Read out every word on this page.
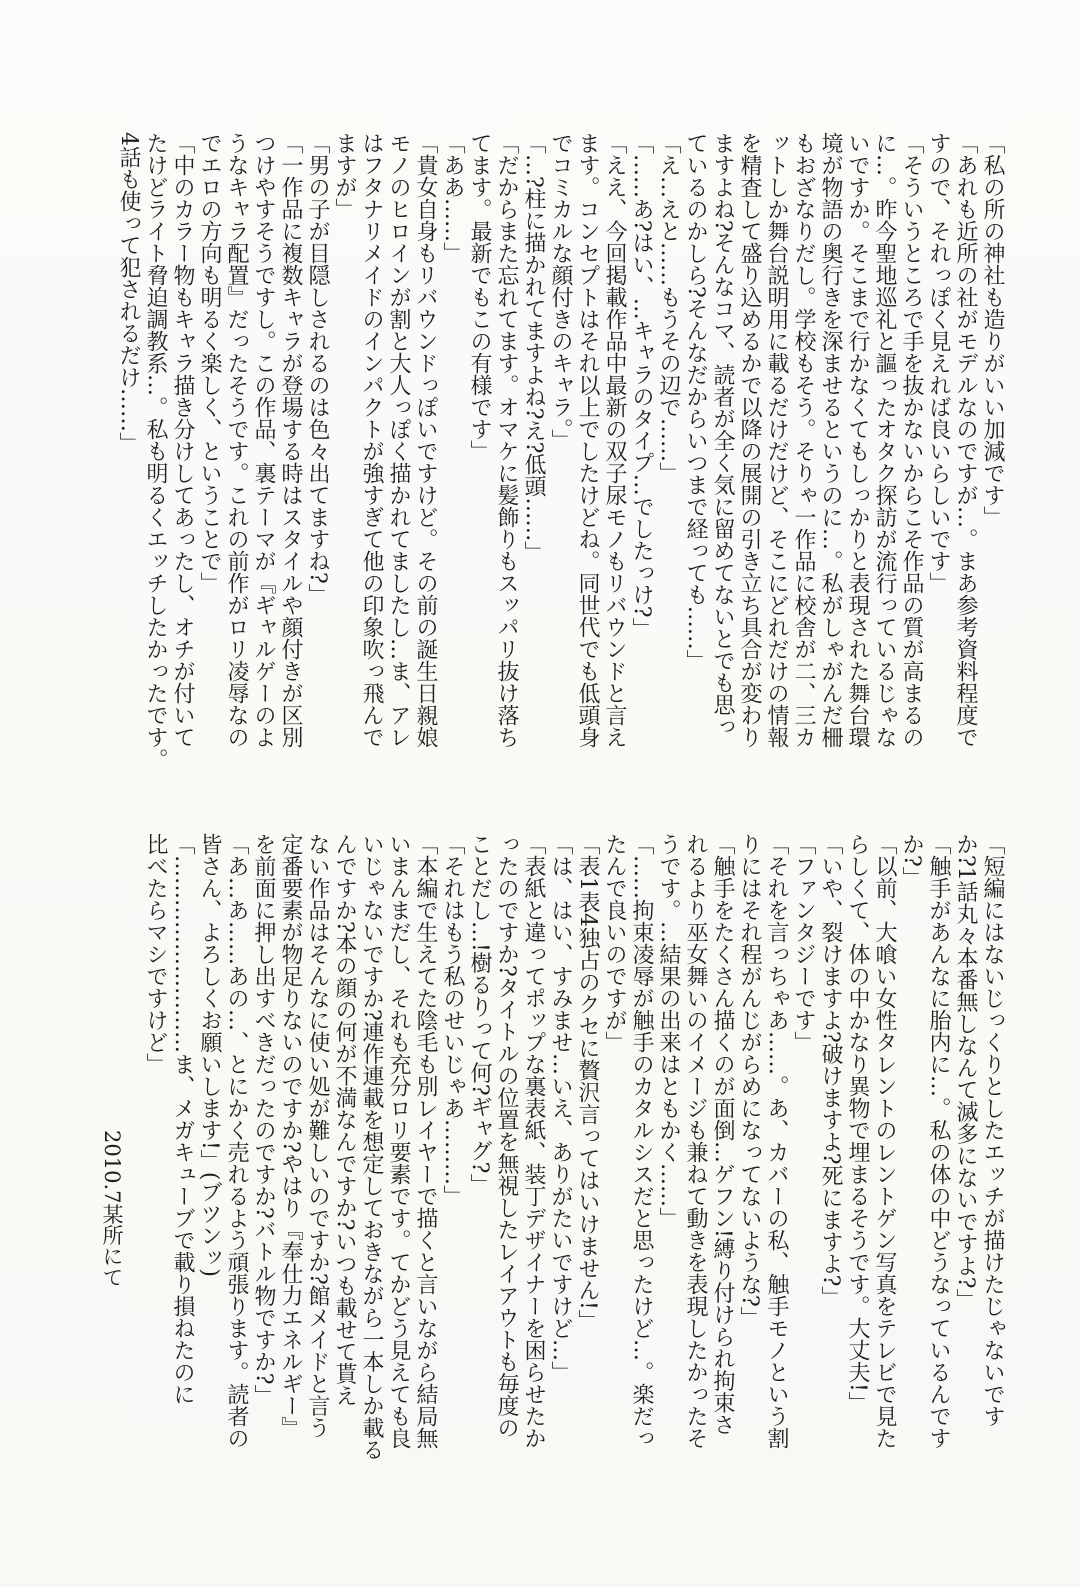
「私の所の神社も造りがいい加減です」
「あれも近所の社がモデルなのですが…。まあ参考資料程度で
すので、それっぽく見えれば良いらしいです」
「そういうところで手を抜かないからこそ作品の質が高まるの
に…。昨今聖地巡礼と謳ったオタク探訪が流行っているじゃな
いですか。そこまで行かなくてもしっかりと表現された舞台環
境が物語の奥行きを深ませるというのに…。私がしゃがんだ柵
もおざなりだし。学校もそう。そりゃ一作品に校舎が二、三カ
ットしか舞台説明用に載るだけだけど、そこにどれだけの情報
を精査して盛り込めるかで以降の展開の引き立ち具合が変わり
ますよね?そんなコマ、読者が全く気に留めてないとでも思っ
ているのかしら?そんなだからいつまで経っても……」
「え…えと……もうその辺で……」
「……あ?はい、…キャラのタイプ…でしたっけ?」
「ええ、今回掲載作品中最新の双子尿モノもリバウンドと言え
ます。コンセプトはそれ以上でしたけどね。同世代でも低頭身
でコミカルな顔付きのキャラ。」
「…?柱に描かれてますよね?え?低頭……」
「だからまた忘れてます。オマケに髪飾りもスッパリ抜け落ち
てます。最新でもこの有様です」
「ああ……」
「貴女自身もリバウンドっぽいですけど。その前の誕生日親娘
モノのヒロインが割と大人っぽく描かれてましたし…ま、アレ
はフタナリメイドのインパクトが強すぎて他の印象吹っ飛んで
ますが」
「男の子が目隠しされるのは色々出てますね?」
「一作品に複数キャラが登場する時はスタイルや顔付きが区別
つけやすそうですし。この作品、裏テーマが『ギャルゲーのよ
うなキャラ配置』だったそうです。これの前作がロリ凌辱なの
でエロの方向も明るく楽しく、ということで」
「中のカラー物もキャラ描き分けしてあったし、オチが付いて
たけどライト脅迫調教系…。私も明るくエッチしたかったです。
4話も使って犯されるだけ……」
「短編にはないじっくりとしたエッチが描けたじゃないです
か?1話丸々本番無しなんて滅多にないですよ?」
「触手があんなに胎内に…。私の体の中どうなっているんです
か?」
「以前、大喰い女性タレントのレントゲン写真をテレビで見た
らしくて、体の中かなり異物で埋まるそうです。大丈夫!」
「いや、裂けますよ?破けますよ?死にますよ?」
「ファンタジーです」
「それを言っちゃあ……。あ、カバーの私、触手モノという割
りにはそれ程がんじがらめになってないような?」
「触手をたくさん描くのが面倒…ゲフン!縛り付けられ拘束さ
れるより巫女舞いのイメージも兼ねて動きを表現したかったそ
うです。…結果の出来はともかく……」
「……拘束凌辱が触手のカタルシスだと思ったけど…。楽だっ
たんで良いのですが」
「表1表4独占のクセに贅沢言ってはいけません!」
「は、はい、すみませ…いえ、ありがたいですけど…」
「表紙と違ってポップな裏表紙、装丁デザイナーを困らせたか
ったのですか?タイトルの位置を無視したレイアウトも毎度の
ことだし…!樹るりって何?ギャグ?」
「それはもう私のせいじゃあ………」
「本編で生えてた陰毛も別レイヤーで描くと言いながら結局無
いまんまだし、それも充分ロリ要素です。てかどう見えても良
いじゃないですか?連作連載を想定しておきながら一本しか載る
んですか?本の顔の何が不満なんですか?いつも載せて貰え
ない作品はそんなに使い処が難しいのですか?館メイドと言う
定番要素が物足りないのですか?やはり『奉仕力エネルギー』
を前面に押し出すべきだったのですか?バトル物ですか?」
「あ…あ……あの…、とにかく売れるよう頑張ります。読者の
皆さん、よろしくお願いします!」(ブツンッ)
「………………………ま、メガキューブで載り損ねたのに
比べたらマシですけど」
2010.7某所にて
